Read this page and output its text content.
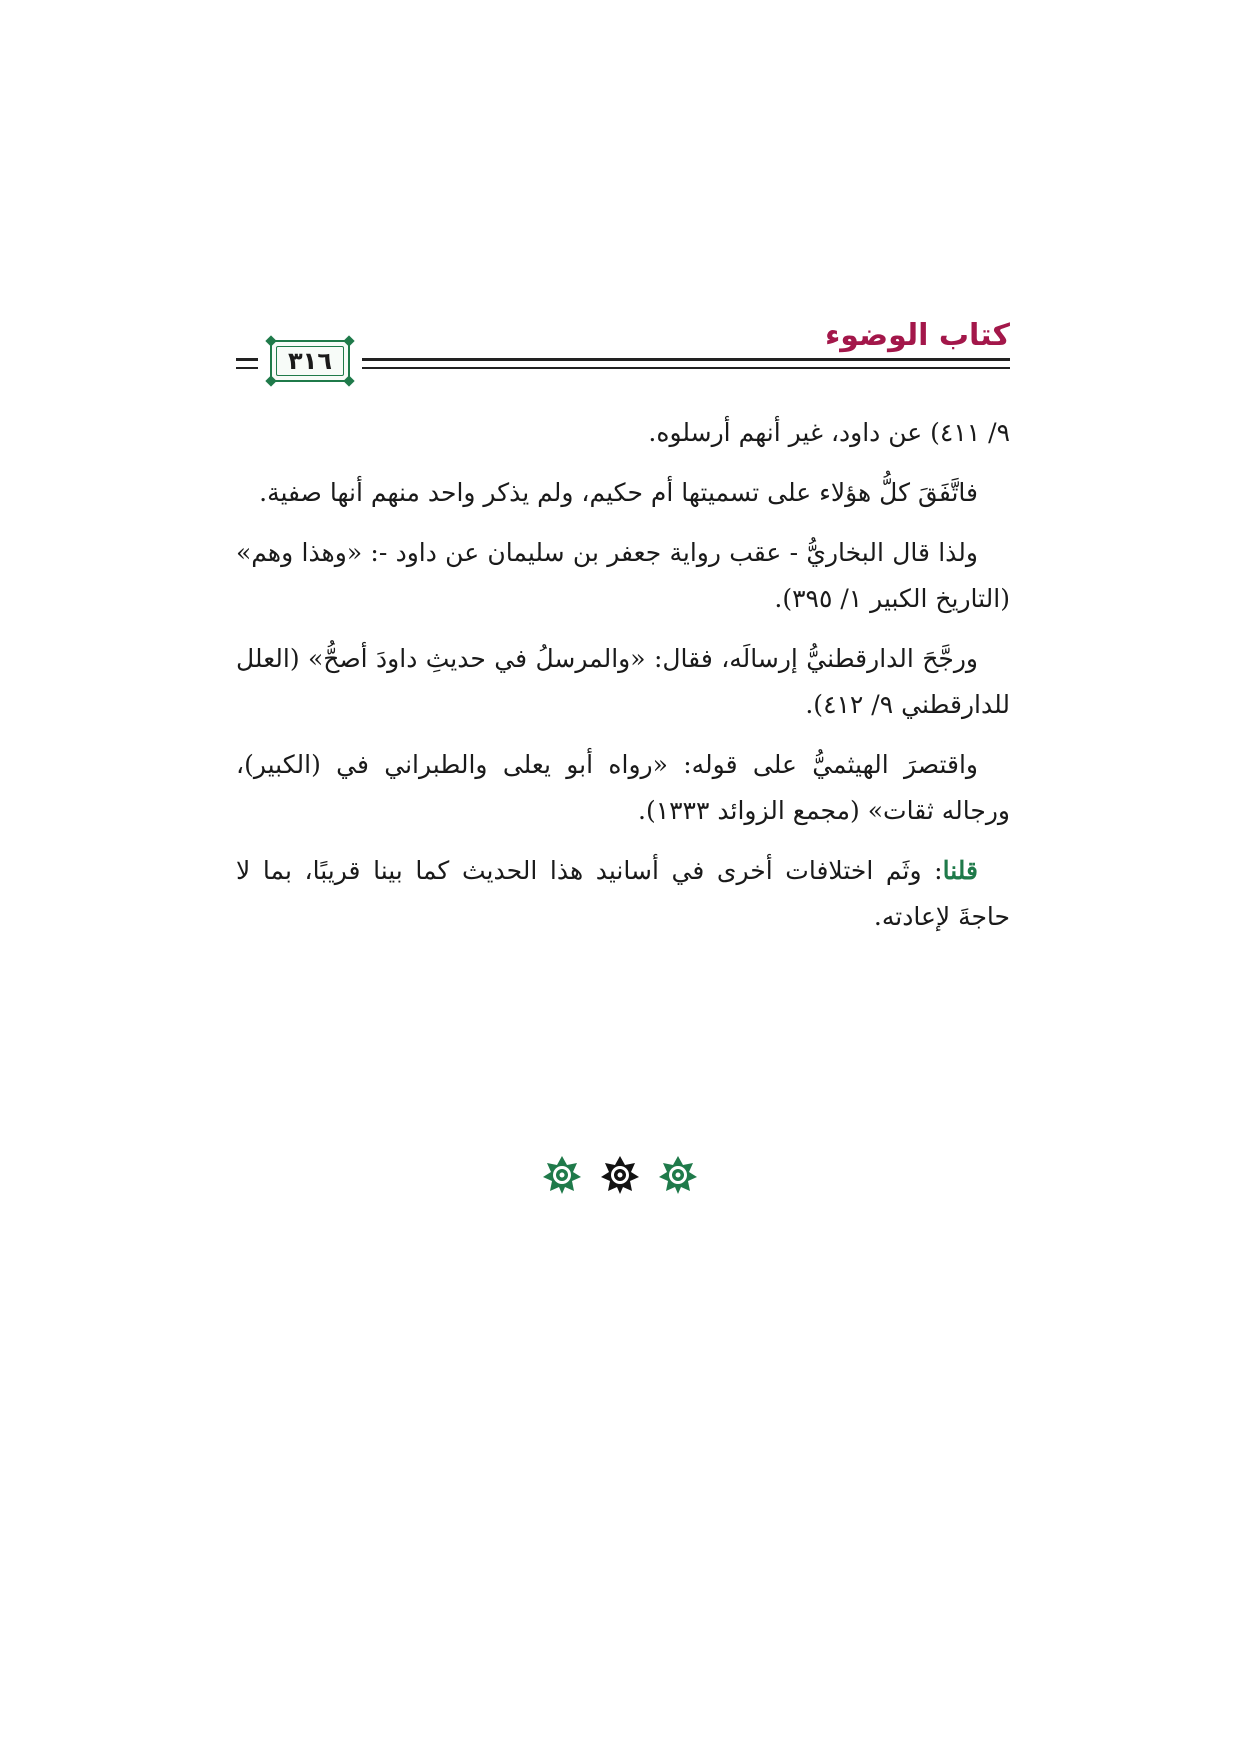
كتاب الوضوء
٣١٦

٩/ ٤١١) عن داود، غير أنهم أرسلوه.

فاتَّفَقَ كلُّ هؤلاء على تسميتها أم حكيم، ولم يذكر واحد منهم أنها صفية.

ولذا قال البخاريُّ - عقب رواية جعفر بن سليمان عن داود -: «وهذا وهم» (التاريخ الكبير ١/ ٣٩٥).

ورجَّحَ الدارقطنيُّ إرسالَه، فقال: «والمرسلُ في حديثِ داودَ أصحُّ» (العلل للدارقطني ٩/ ٤١٢).

واقتصرَ الهيثميُّ على قوله: «رواه أبو يعلى والطبراني في (الكبير)، ورجاله ثقات» (مجمع الزوائد ١٣٣٣).

قلنا: وثَم اختلافات أخرى في أسانيد هذا الحديث كما بينا قريبًا، بما لا حاجةَ لإعادته.
